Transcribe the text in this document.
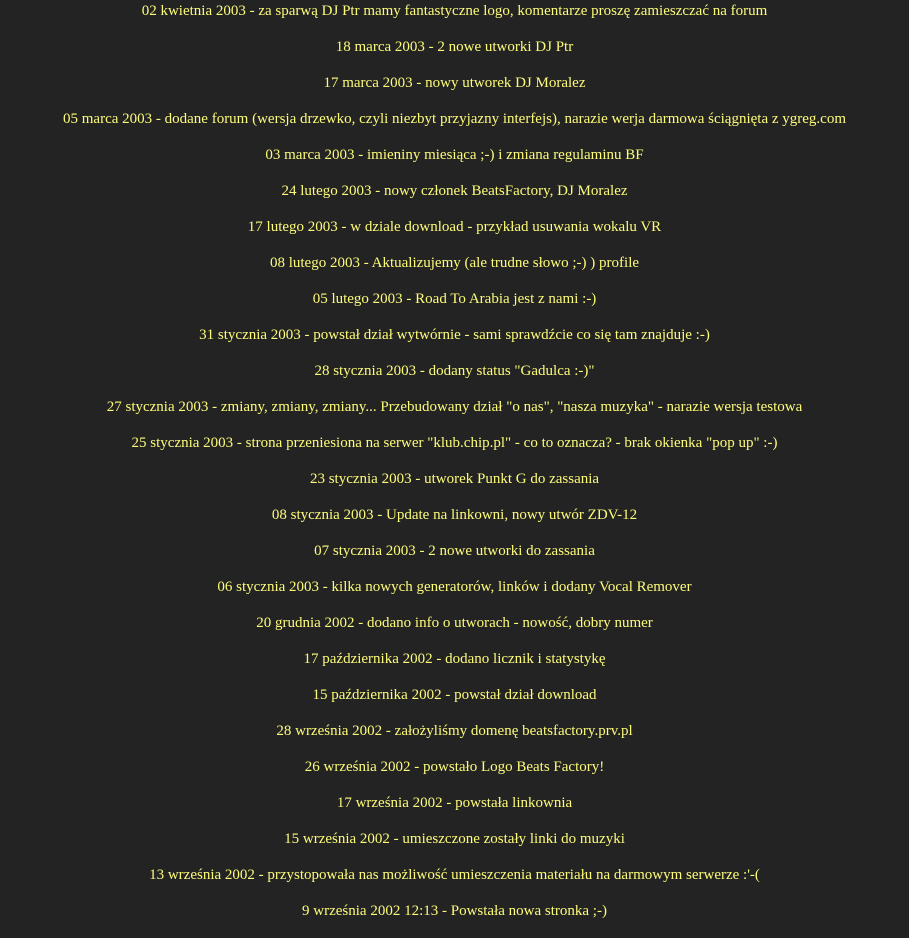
02 kwietnia 2003 - za sparwą DJ Ptr mamy fantastyczne logo, komentarze proszę zamieszczać na forum

18 marca 2003 - 2 nowe utworki DJ Ptr

17 marca 2003 - nowy utworek DJ Moralez

05 marca 2003 - dodane forum (wersja drzewko, czyli niezbyt przyjazny interfejs), narazie werja darmowa ściągnięta z ygreg.com

03 marca 2003 - imieniny miesiąca ;-) i zmiana regulaminu BF

24 lutego 2003 - nowy członek BeatsFactory, DJ Moralez

17 lutego 2003 - w dziale download - przykład usuwania wokalu VR

08 lutego 2003 - Aktualizujemy (ale trudne słowo ;-) ) profile

05 lutego 2003 - Road To Arabia jest z nami :-)

31 stycznia 2003 - powstał dział wytwórnie - sami sprawdźcie co się tam znajduje :-)

28 stycznia 2003 - dodany status "Gadulca :-)"

27 stycznia 2003 - zmiany, zmiany, zmiany... Przebudowany dział "o nas", "nasza muzyka" - narazie wersja testowa

25 stycznia 2003 - strona przeniesiona na serwer "klub.chip.pl" - co to oznacza? - brak okienka "pop up" :-)

23 stycznia 2003 - utworek Punkt G do zassania

08 stycznia 2003 - Update na linkowni, nowy utwór ZDV-12

07 stycznia 2003 - 2 nowe utworki do zassania

06 stycznia 2003 - kilka nowych generatorów, linków i dodany Vocal Remover

20 grudnia 2002 - dodano info o utworach - nowość, dobry numer

17 października 2002 - dodano licznik i statystykę

15 października 2002 - powstał dział download

28 września 2002 - założyliśmy domenę beatsfactory.prv.pl

26 września 2002 - powstało Logo Beats Factory!

17 września 2002 - powstała linkownia

15 września 2002 - umieszczone zostały linki do muzyki

13 września 2002 - przystopowała nas możliwość umieszczenia materiału na darmowym serwerze :'-(

9 września 2002 12:13 - Powstała nowa stronka ;-)
